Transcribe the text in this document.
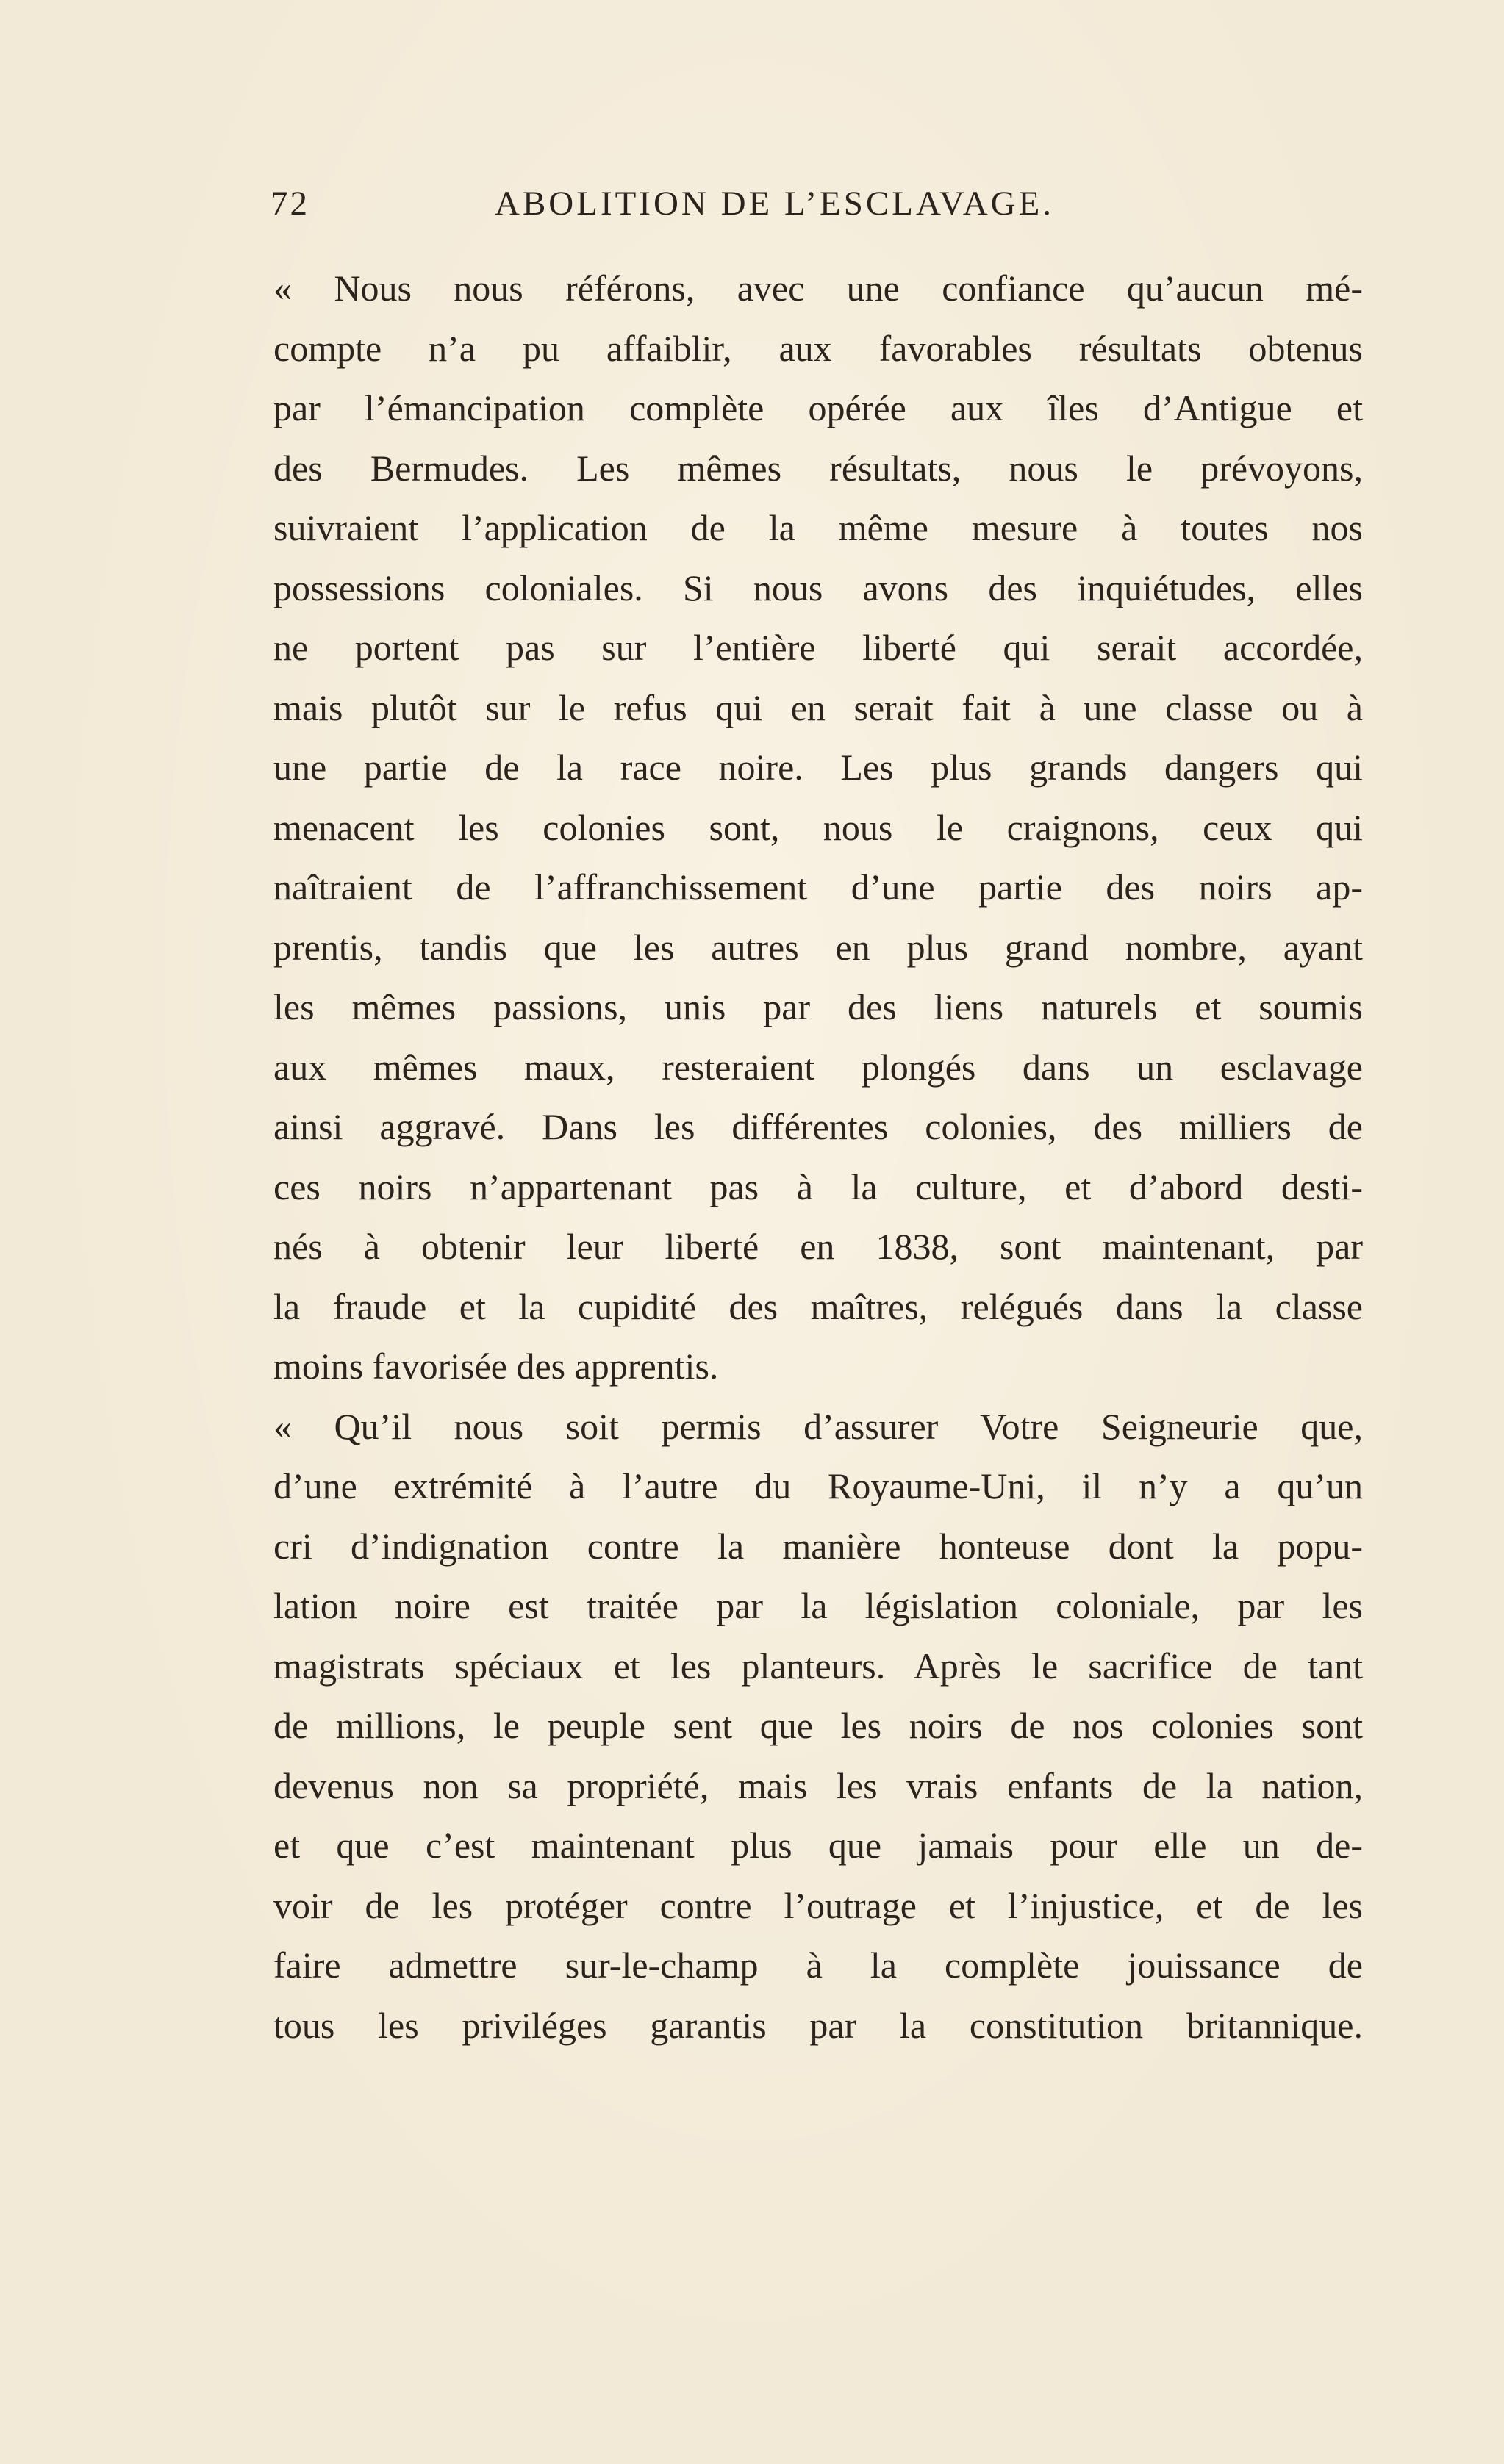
72	ABOLITION DE L’ESCLAVAGE.
« Nous nous référons, avec une confiance qu’aucun mé-
compte n’a pu affaiblir, aux favorables résultats obtenus
par l’émancipation complète opérée aux îles d’Antigue et
des Bermudes. Les mêmes résultats, nous le prévoyons,
suivraient l’application de la même mesure à toutes nos
possessions coloniales. Si nous avons des inquiétudes, elles
ne portent pas sur l’entière liberté qui serait accordée,
mais plutôt sur le refus qui en serait fait à une classe ou à
une partie de la race noire. Les plus grands dangers qui
menacent les colonies sont, nous le craignons, ceux qui
naîtraient de l’affranchissement d’une partie des noirs ap-
prentis, tandis que les autres en plus grand nombre, ayant
les mêmes passions, unis par des liens naturels et soumis
aux mêmes maux, resteraient plongés dans un esclavage
ainsi aggravé. Dans les différentes colonies, des milliers de
ces noirs n’appartenant pas à la culture, et d’abord desti-
nés à obtenir leur liberté en 1838, sont maintenant, par
la fraude et la cupidité des maîtres, relégués dans la classe
moins favorisée des apprentis.
« Qu’il nous soit permis d’assurer Votre Seigneurie que,
d’une extrémité à l’autre du Royaume-Uni, il n’y a qu’un
cri d’indignation contre la manière honteuse dont la popu-
lation noire est traitée par la législation coloniale, par les
magistrats spéciaux et les planteurs. Après le sacrifice de tant
de millions, le peuple sent que les noirs de nos colonies sont
devenus non sa propriété, mais les vrais enfants de la nation,
et que c’est maintenant plus que jamais pour elle un de-
voir de les protéger contre l’outrage et l’injustice, et de les
faire admettre sur-le-champ à la complète jouissance de
tous les priviléges garantis par la constitution britannique.
